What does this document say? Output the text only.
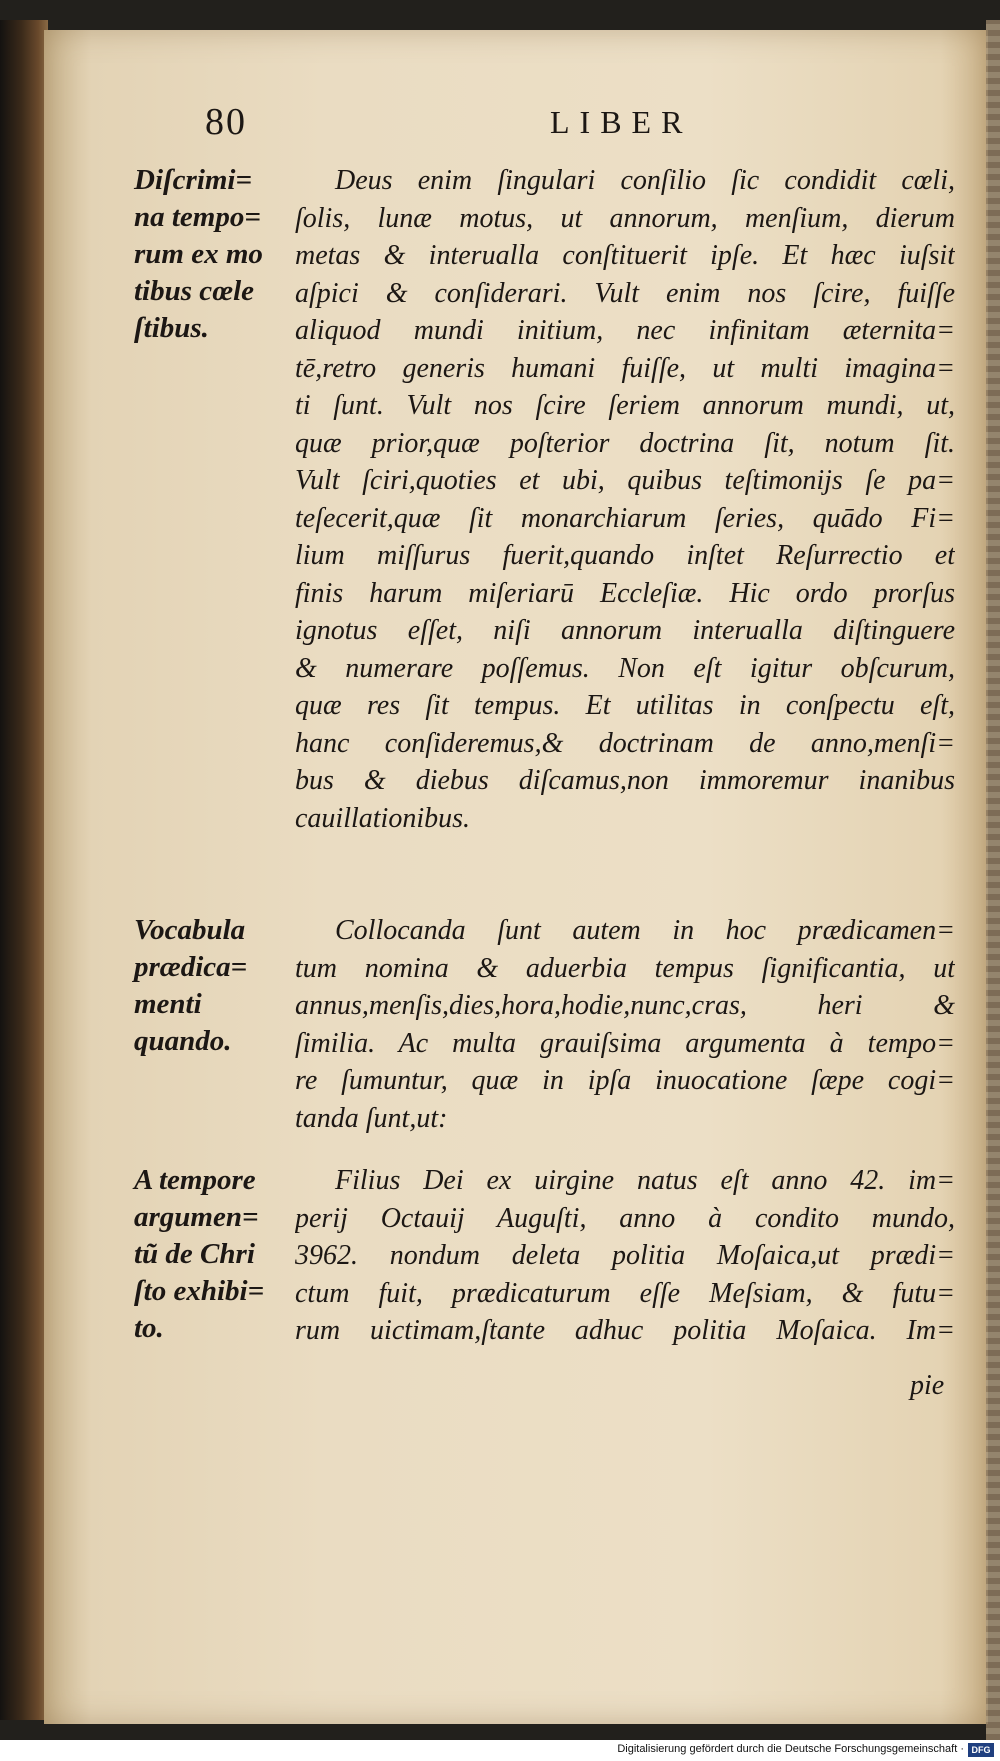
80	LIBER
Diſcrimi=
na tempo=
rum ex mo
tibus cœle
ſtibus.
Vocabula
prædica=
menti
quando.
A tempore
argumen=
tũ de Chri
ſto exhibi=
to.
Deus enim ſingulari conſilio ſic condidit cœli,
ſolis, lunæ motus, ut annorum, menſium, dierum
metas & interualla conſtituerit ipſe. Et hæc iuſsit
aſpici & conſiderari. Vult enim nos ſcire, fuiſſe
aliquod mundi initium, nec infinitam æternita=
tē,retro generis humani fuiſſe, ut multi imagina=
ti ſunt. Vult nos ſcire ſeriem annorum mundi, ut,
quæ prior,quæ poſterior doctrina ſit, notum ſit.
Vult ſciri,quoties et ubi, quibus teſtimonijs ſe pa=
teſecerit,quæ ſit monarchiarum ſeries, quādo Fi=
lium miſſurus fuerit,quando inſtet Reſurrectio et
finis harum miſeriarū Eccleſiæ. Hic ordo prorſus
ignotus eſſet, niſi annorum interualla diſtinguere
& numerare poſſemus. Non eſt igitur obſcurum,
quæ res ſit tempus. Et utilitas in conſpectu eſt,
hanc conſideremus,& doctrinam de anno,menſi=
bus & diebus diſcamus,non immoremur inanibus
cauillationibus.
Collocanda ſunt autem in hoc prædicamen=
tum nomina & aduerbia tempus ſignificantia, ut
annus,menſis,dies,hora,hodie,nunc,cras, heri &
ſimilia. Ac multa grauiſsima argumenta à tempo=
re ſumuntur, quæ in ipſa inuocatione ſæpe cogi=
tanda ſunt,ut:
Filius Dei ex uirgine natus eſt anno 42. im=
perij Octauij Auguſti, anno à condito mundo,
3962. nondum deleta politia Moſaica,ut prædi=
ctum fuit, prædicaturum eſſe Meſsiam, & futu=
rum uictimam,ſtante adhuc politia Moſaica. Im=
pie
Digitalisierung gefördert durch die Deutsche Forschungsgemeinschaft · DFG
